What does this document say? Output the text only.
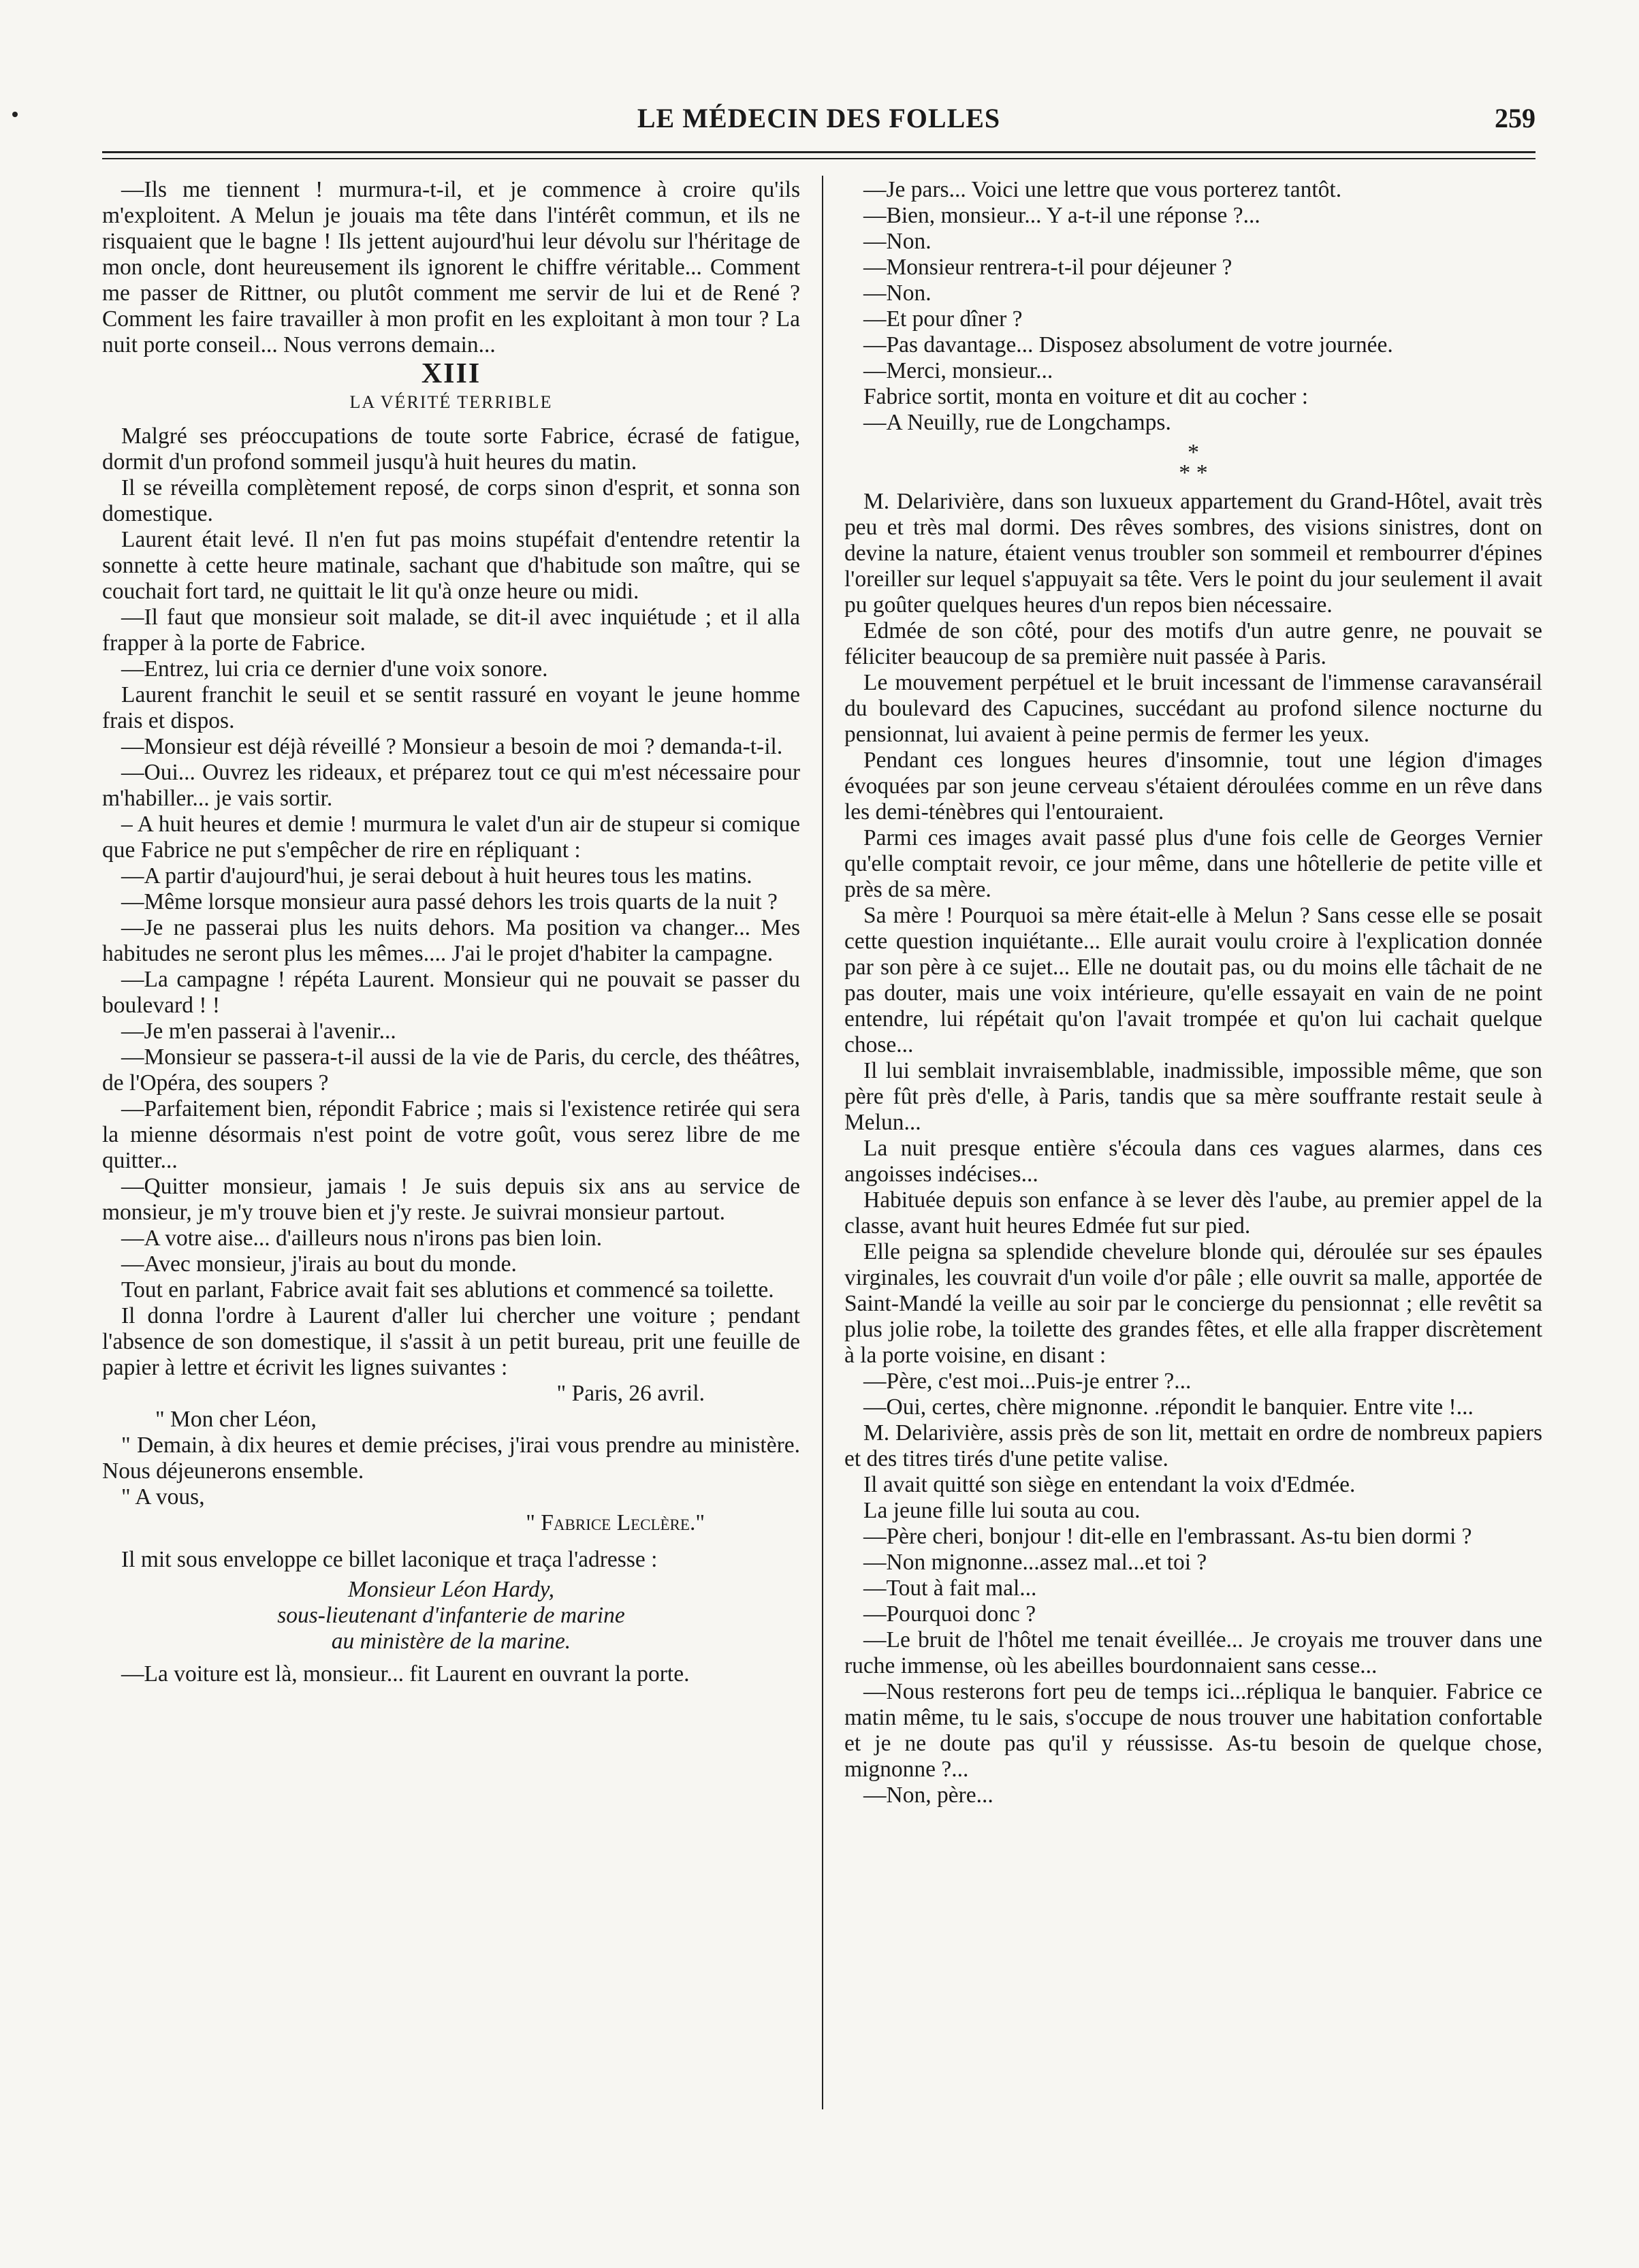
LE MÉDECIN DES FOLLES	259

—Ils me tiennent ! murmura-t-il, et je commence à croire qu'ils m'exploitent. A Melun je jouais ma tête dans l'intérêt commun, et ils ne risquaient que le bagne ! Ils jettent aujourd'hui leur dévolu sur l'héritage de mon oncle, dont heureusement ils ignorent le chiffre véritable... Comment me passer de Rittner, ou plutôt comment me servir de lui et de René ? Comment les faire travailler à mon profit en les exploitant à mon tour ? La nuit porte conseil... Nous verrons demain...

XIII
LA VÉRITÉ TERRIBLE

Malgré ses préoccupations de toute sorte Fabrice, écrasé de fatigue, dormit d'un profond sommeil jusqu'à huit heures du matin.

Il se réveilla complètement reposé, de corps sinon d'esprit, et sonna son domestique.

Laurent était levé. Il n'en fut pas moins stupéfait d'entendre retentir la sonnette à cette heure matinale, sachant que d'habitude son maître, qui se couchait fort tard, ne quittait le lit qu'à onze heure ou midi.

—Il faut que monsieur soit malade, se dit-il avec inquiétude ; et il alla frapper à la porte de Fabrice.

—Entrez, lui cria ce dernier d'une voix sonore.

Laurent franchit le seuil et se sentit rassuré en voyant le jeune homme frais et dispos.

—Monsieur est déjà réveillé ? Monsieur a besoin de moi ? demanda-t-il.

—Oui... Ouvrez les rideaux, et préparez tout ce qui m'est nécessaire pour m'habiller... je vais sortir.

– A huit heures et demie ! murmura le valet d'un air de stupeur si comique que Fabrice ne put s'empêcher de rire en répliquant :

—A partir d'aujourd'hui, je serai debout à huit heures tous les matins.

—Même lorsque monsieur aura passé dehors les trois quarts de la nuit ?

—Je ne passerai plus les nuits dehors. Ma position va changer... Mes habitudes ne seront plus les mêmes.... J'ai le projet d'habiter la campagne.

—La campagne ! répéta Laurent. Monsieur qui ne pouvait se passer du boulevard ! !

—Je m'en passerai à l'avenir...

—Monsieur se passera-t-il aussi de la vie de Paris, du cercle, des théâtres, de l'Opéra, des soupers ?

—Parfaitement bien, répondit Fabrice ; mais si l'existence retirée qui sera la mienne désormais n'est point de votre goût, vous serez libre de me quitter...

—Quitter monsieur, jamais ! Je suis depuis six ans au service de monsieur, je m'y trouve bien et j'y reste. Je suivrai monsieur partout.

—A votre aise... d'ailleurs nous n'irons pas bien loin.

—Avec monsieur, j'irais au bout du monde.

Tout en parlant, Fabrice avait fait ses ablutions et commencé sa toilette.

Il donna l'ordre à Laurent d'aller lui chercher une voiture ; pendant l'absence de son domestique, il s'assit à un petit bureau, prit une feuille de papier à lettre et écrivit les lignes suivantes :

" Paris, 26 avril.

" Mon cher Léon,

" Demain, à dix heures et demie précises, j'irai vous prendre au ministère. Nous déjeunerons ensemble.

" A vous,

" Fabrice Leclère."

Il mit sous enveloppe ce billet laconique et traça l'adresse :

Monsieur Léon Hardy,

sous-lieutenant d'infanterie de marine

au ministère de la marine.

—La voiture est là, monsieur... fit Laurent en ouvrant la porte.

—Je pars... Voici une lettre que vous porterez tantôt.

—Bien, monsieur... Y a-t-il une réponse ?...

—Non.

—Monsieur rentrera-t-il pour déjeuner ?

—Non.

—Et pour dîner ?

—Pas davantage... Disposez absolument de votre journée.

—Merci, monsieur...

Fabrice sortit, monta en voiture et dit au cocher :

—A Neuilly, rue de Longchamps.

*
* *

M. Delarivière, dans son luxueux appartement du Grand-Hôtel, avait très peu et très mal dormi. Des rêves sombres, des visions sinistres, dont on devine la nature, étaient venus troubler son sommeil et rembourrer d'épines l'oreiller sur lequel s'appuyait sa tête. Vers le point du jour seulement il avait pu goûter quelques heures d'un repos bien nécessaire.

Edmée de son côté, pour des motifs d'un autre genre, ne pouvait se féliciter beaucoup de sa première nuit passée à Paris.

Le mouvement perpétuel et le bruit incessant de l'immense caravansérail du boulevard des Capucines, succédant au profond silence nocturne du pensionnat, lui avaient à peine permis de fermer les yeux.

Pendant ces longues heures d'insomnie, tout une légion d'images évoquées par son jeune cerveau s'étaient déroulées comme en un rêve dans les demi-ténèbres qui l'entouraient.

Parmi ces images avait passé plus d'une fois celle de Georges Vernier qu'elle comptait revoir, ce jour même, dans une hôtellerie de petite ville et près de sa mère.

Sa mère ! Pourquoi sa mère était-elle à Melun ? Sans cesse elle se posait cette question inquiétante... Elle aurait voulu croire à l'explication donnée par son père à ce sujet... Elle ne doutait pas, ou du moins elle tâchait de ne pas douter, mais une voix intérieure, qu'elle essayait en vain de ne point entendre, lui répétait qu'on l'avait trompée et qu'on lui cachait quelque chose...

Il lui semblait invraisemblable, inadmissible, impossible même, que son père fût près d'elle, à Paris, tandis que sa mère souffrante restait seule à Melun...

La nuit presque entière s'écoula dans ces vagues alarmes, dans ces angoisses indécises...

Habituée depuis son enfance à se lever dès l'aube, au premier appel de la classe, avant huit heures Edmée fut sur pied.

Elle peigna sa splendide chevelure blonde qui, déroulée sur ses épaules virginales, les couvrait d'un voile d'or pâle ; elle ouvrit sa malle, apportée de Saint-Mandé la veille au soir par le concierge du pensionnat ; elle revêtit sa plus jolie robe, la toilette des grandes fêtes, et elle alla frapper discrètement à la porte voisine, en disant :

—Père, c'est moi...Puis-je entrer ?...

—Oui, certes, chère mignonne. .répondit le banquier. Entre vite !...

M. Delarivière, assis près de son lit, mettait en ordre de nombreux papiers et des titres tirés d'une petite valise.

Il avait quitté son siège en entendant la voix d'Edmée.

La jeune fille lui souta au cou.

—Père cheri, bonjour ! dit-elle en l'embrassant. As-tu bien dormi ?

—Non mignonne...assez mal...et toi ?

—Tout à fait mal...

—Pourquoi donc ?

—Le bruit de l'hôtel me tenait éveillée... Je croyais me trouver dans une ruche immense, où les abeilles bourdonnaient sans cesse...

—Nous resterons fort peu de temps ici...répliqua le banquier. Fabrice ce matin même, tu le sais, s'occupe de nous trouver une habitation confortable et je ne doute pas qu'il y réussisse. As-tu besoin de quelque chose, mignonne ?...

—Non, père...
